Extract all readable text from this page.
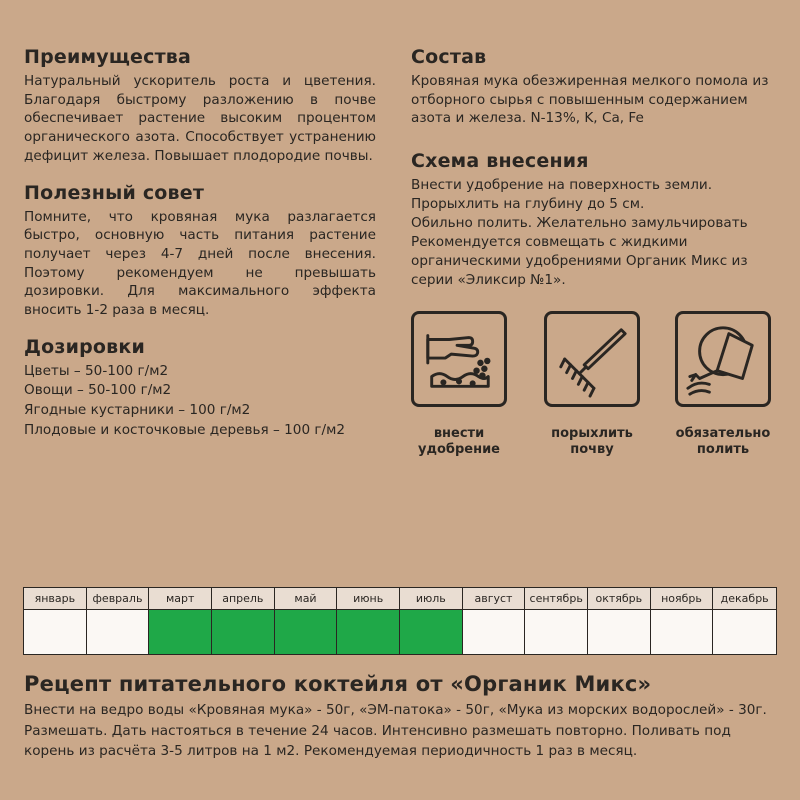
Преимущества

Натуральный ускоритель роста и цветения. Благодаря быстрому разложению в почве обеспечивает растение высоким процентом органического азота. Способствует устранению дефицит железа. Повышает плодородие почвы.

Полезный совет

Помните, что кровяная мука разлагается быстро, основную часть питания растение получает через 4-7 дней после внесения. Поэтому рекомендуем не превышать дозировки. Для максимального эффекта вносить 1-2 раза в месяц.

Дозировки
Цветы – 50-100 г/м2
Овощи – 50-100 г/м2
Ягодные кустарники – 100 г/м2
Плодовые и косточковые деревья – 100 г/м2
Состав

Кровяная мука обезжиренная мелкого помола из отборного сырья с повышенным содержанием азота и железа. N-13%, K, Ca, Fe

Схема внесения
Внести удобрение на поверхность земли.
Прорыхлить на глубину до 5 см.
Обильно полить. Желательно замульчировать
Рекомендуется совмещать с жидкими органическими удобрениями Органик Микс из серии «Эликсир №1».
внести
удобрение
порыхлить
почву
обязательно
полить
январь	февраль	март	апрель	май	июнь	июль	август	сентябрь	октябрь	ноябрь	декабрь
Рецепт питательного коктейля от «Органик Микс»

Внести на ведро воды «Кровяная мука» - 50г, «ЭМ-патока» - 50г, «Мука из морских водорослей» - 30г. Размешать. Дать настояться в течение 24 часов. Интенсивно размешать повторно. Поливать под корень из расчёта 3-5 литров на 1 м2. Рекомендуемая периодичность 1 раз в месяц.
